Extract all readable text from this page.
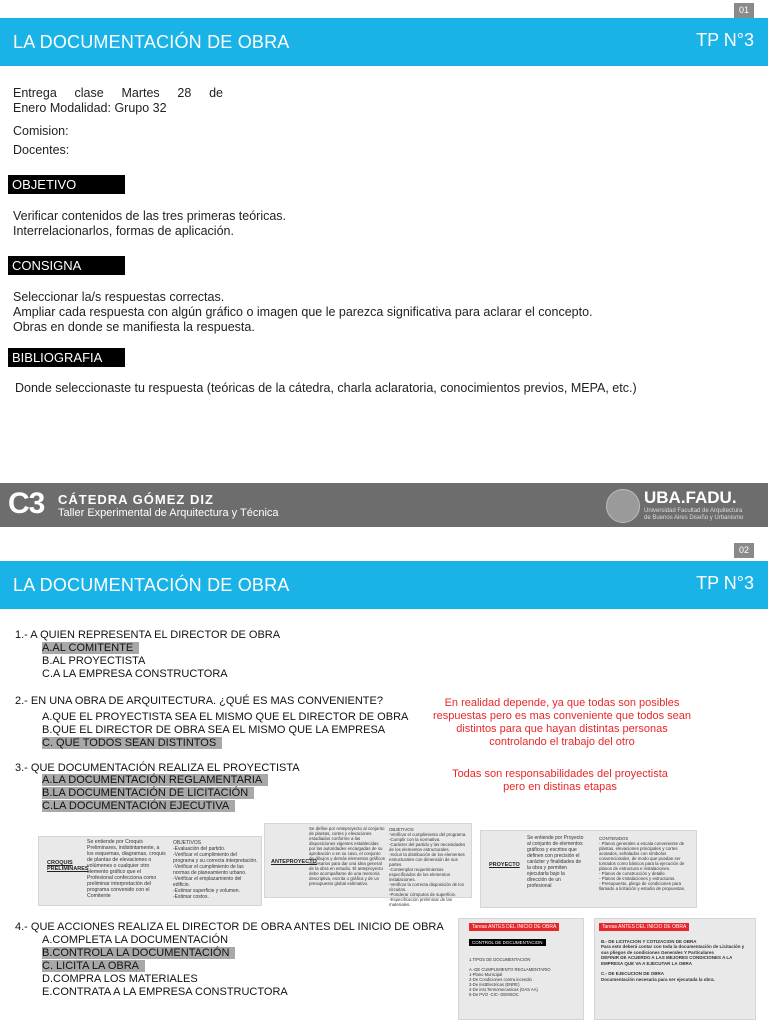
01
LA DOCUMENTACIÓN DE OBRA	TP N°3
Entrega clase Martes 28 de
Enero Modalidad: Grupo 32
Comision:
Docentes:
OBJETIVO
Verificar contenidos de las tres primeras teóricas.
Interrelacionarlos, formas de aplicación.
CONSIGNA
Seleccionar la/s respuestas correctas.
Ampliar cada respuesta con algún gráfico o imagen que le parezca significativa para aclarar el concepto.
Obras en donde se manifiesta la respuesta.
BIBLIOGRAFIA
Donde seleccionaste tu respuesta (teóricas de la cátedra, charla aclaratoria, conocimientos previos, MEPA, etc.)
C3 CÁTEDRA GÓMEZ DIZ
Taller Experimental de Arquitectura y Técnica
UBA.FADU.
Universidad Facultad de Arquitectura
de Buenos Aires Diseño y Urbanismo
02
LA DOCUMENTACIÓN DE OBRA	TP N°3
1.- A QUIEN REPRESENTA EL DIRECTOR DE OBRA
A.AL COMITENTE
B.AL PROYECTISTA
C.A LA EMPRESA CONSTRUCTORA
2.- EN UNA OBRA DE ARQUITECTURA. ¿QUÉ ES MAS CONVENIENTE?
A.QUE EL PROYECTISTA SEA EL MISMO QUE EL DIRECTOR DE OBRA
B.QUE EL DIRECTOR DE OBRA SEA EL MISMO QUE LA EMPRESA
C. QUE TODOS SEAN DISTINTOS
En realidad depende, ya que todas son posibles respuestas pero es mas conveniente que todos sean distintos para que hayan distintas personas controlando el trabajo del otro
3.- QUE DOCUMENTACIÓN REALIZA EL PROYECTISTA
A.LA DOCUMENTACIÓN REGLAMENTARIA
B.LA DOCUMENTACIÓN DE LICITACIÓN
C.LA DOCUMENTACIÓN EJECUTIVA
Todas son responsabilidades del proyectista pero en distinas etapas
CROQUIS PRELIMINARES
Se entiende por Croquis Preliminares, indistintamente, a los esquemas, diagramas, croquis de plantas de elevaciones o volúmenes o cualquier otro elemento gráfico que el Profesional confecciona como preliminar interpretación del programa convenido con el Comitente
OBJETIVOS
-Evaluación del partido.
-Verificar el cumplimiento del programa y su correcta interpretación.
-Verificar el cumplimiento de las normas de planeamiento urbano.
-Verificar el emplazamiento del edificio.
-Estimar superficie y volumen.
-Estimar costos.
ANTEPROYECTO
Se define por Anteproyecto al conjunto de plantas, cortes y elevaciones estudiados conforme a las disposiciones vigentes establecidas por las autoridades encargadas de su aprobación o en su caso, el conjunto de dibujos y demás elementos gráficos necesarios para dar una idea general de la obra en estudio. El anteproyecto debe acompañarse de una memoria descriptiva, escrita o gráfica y de un presupuesto global estimativo.
OBJETIVOS
-Verificar el cumplimiento del programa.
-Cumplir con la normativa.
-Carácter del partido y las necesidades de los elementos estructurales.
-Incluir la distribución de los elementos estructurales con dimensión de sus partes.
-Contemplar requerimientos especificados de los elementos instalaciones.
-Verificar la correcta disposición de los circuitos.
-Ponderar cómputos de superficie.
-Especificación preliminar de las materiales.
PROYECTO
Se entiende por Proyecto al conjunto de elementos gráficos y escritos que definen con precisión el carácter y finalidades de la obra y permiten ejecutarla bajo la dirección de un profesional
CONTENIDOS
- Planos generales a escala conveniente de plantas, elevaciones principales y cortes acotados, señalados con símbolos convencionales, de modo que puedan ser tomados como básicos para la ejecución de planos de estructura e instalaciones.
- Planos de construcción y detalle.
- Planos de instalaciones y estructuras.
- Presupuesto, pliego de condiciones para llamado a licitación y estudio de propuestas.
4.- QUE ACCIONES REALIZA EL DIRECTOR DE OBRA ANTES DEL INICIO DE OBRA
A.COMPLETA LA DOCUMENTACIÓN
B.CONTROLA LA DOCUMENTACIÓN
C. LICITA LA OBRA
D.COMPRA LOS MATERIALES
E.CONTRATA A LA EMPRESA CONSTRUCTORA
Tareas ANTES DEL INICIO DE OBRA
CONTROL DE DOCUMENTACION
1.TIPOS DE DOCUMENTACION

A.-DE CUMPLIMIENTO REGLAMENTARIO
1-Plano Municipal
2-De Condiciones contra incendio
3-De instElectricas (ENRE)
4-De inst.Termomecanicas (GAS AA)
5-De PVO -CIC- DEMSOC
Tareas ANTES DEL INICIO DE OBRA
B.- DE LICITACION Y COTIZACION DE OBRA
Para esto deberá contar con toda la documentación de Licitación y sus pliegos de condiciones Generales Y Particulares
DEFINIR DE ACUERDO A LAS MEJORES CONDICIONES A LA EMPRESA QUE VA A EJECUTAR LA OBRA

C.- DE EJECUCION DE OBRA
Documentación necesaria para ser ejecutada la obra.
